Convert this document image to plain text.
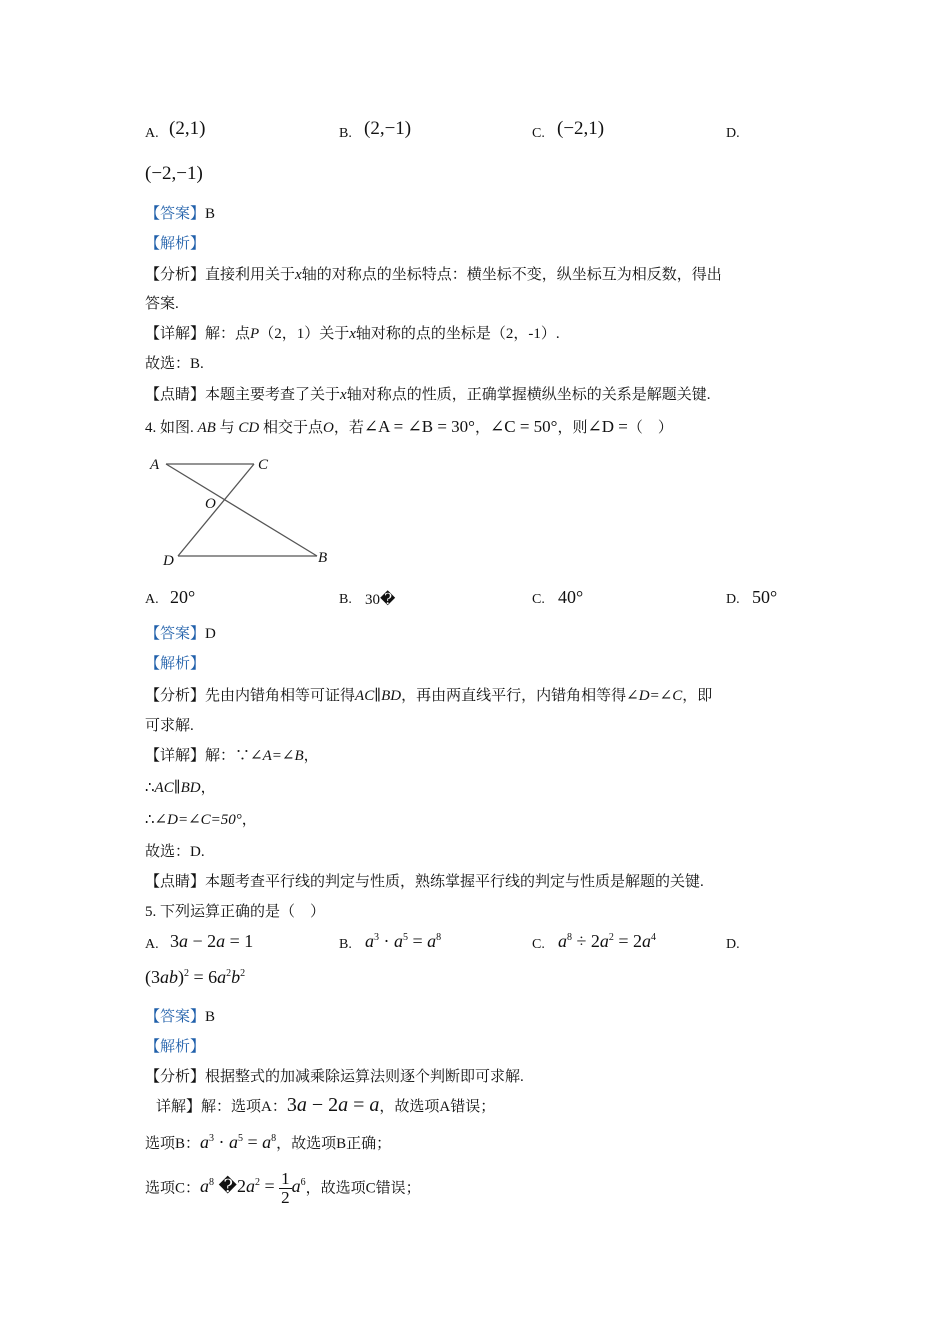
A. (2,1)	B. (2,−1)	C. (−2,1)	D.
(−2,−1)
【答案】B
【解析】
【分析】直接利用关于x轴的对称点的坐标特点：横坐标不变，纵坐标互为相反数，得出
答案.
【详解】解：点P（2，1）关于x轴对称的点的坐标是（2，-1）.
故选：B.
【点睛】本题主要考查了关于x轴对称点的性质，正确掌握横纵坐标的关系是解题关键.
4. 如图. AB 与 CD 相交于点O，若∠A = ∠B = 30°，∠C = 50°，则∠D =（　）
A	C
O
D	B
A. 20°	B. 30�	C. 40°	D. 50°
【答案】D
【解析】
【分析】先由内错角相等可证得AC∥BD，再由两直线平行，内错角相等得∠D=∠C，即
可求解.
【详解】解：∵∠A=∠B，
∴AC∥BD，
∴∠D=∠C=50°，
故选：D.
【点睛】本题考查平行线的判定与性质，熟练掌握平行线的判定与性质是解题的关键.
5. 下列运算正确的是（　）
A. 3a − 2a = 1	B. $a^3 \cdot a^5 = a^8$	C. $a^8 \div 2a^2 = 2a^4$	D.
$(3ab)^2 = 6a^2b^2$
【答案】B
【解析】
【分析】根据整式的加减乘除运算法则逐个判断即可求解.
详解】解：选项A：3a − 2a = a，故选项A错误；
选项B：$a^3 \cdot a^5 = a^8$，故选项B正确；
选项C：$a^8$ $�2a^2 = \frac{1}{2} a^6$，故选项C错误；
